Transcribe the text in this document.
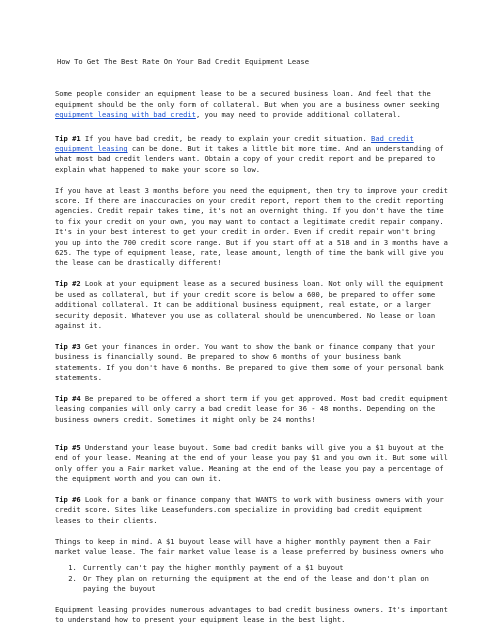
How To Get The Best Rate On Your Bad Credit Equipment Lease

Some people consider an equipment lease to be a secured business loan. And feel that the equipment should be the only form of collateral. But when you are a business owner seeking equipment leasing with bad credit, you may need to provide additional collateral.

Tip #1 If you have bad credit, be ready to explain your credit situation. Bad credit equipment leasing can be done. But it takes a little bit more time. And an understanding of what most bad credit lenders want. Obtain a copy of your credit report and be prepared to explain what happened to make your score so low.

If you have at least 3 months before you need the equipment, then try to improve your credit score. If there are inaccuracies on your credit report, report them to the credit reporting agencies. Credit repair takes time, it's not an overnight thing. If you don't have the time to fix your credit on your own, you may want to contact a legitimate credit repair company. It's in your best interest to get your credit in order. Even if credit repair won't bring you up into the 700 credit score range. But if you start off at a 518 and in 3 months have a 625. The type of equipment lease, rate, lease amount, length of time the bank will give you the lease can be drastically different!

Tip #2 Look at your equipment lease as a secured business loan. Not only will the equipment be used as collateral, but if your credit score is below a 600, be prepared to offer some additional collateral. It can be additional business equipment, real estate, or a larger security deposit. Whatever you use as collateral should be unencumbered. No lease or loan against it.

Tip #3 Get your finances in order. You want to show the bank or finance company that your business is financially sound. Be prepared to show 6 months of your business bank statements. If you don't have 6 months. Be prepared to give them some of your personal bank statements.

Tip #4 Be prepared to be offered a short term if you get approved. Most bad credit equipment leasing companies will only carry a bad credit lease for 36 - 48 months. Depending on the business owners credit. Sometimes it might only be 24 months!

Tip #5 Understand your lease buyout. Some bad credit banks will give you a $1 buyout at the end of your lease. Meaning at the end of your lease you pay $1 and you own it. But some will only offer you a Fair market value. Meaning at the end of the lease you pay a percentage of the equipment worth and you can own it.

Tip #6 Look for a bank or finance company that WANTS to work with business owners with your credit score. Sites like Leasefunders.com specialize in providing bad credit equipment leases to their clients.

Things to keep in mind. A $1 buyout lease will have a higher monthly payment then a Fair market value lease. The fair market value lease is a lease preferred by business owners who

1. Currently can't pay the higher monthly payment of a $1 buyout
2. Or They plan on returning the equipment at the end of the lease and don't plan on paying the buyout

Equipment leasing provides numerous advantages to bad credit business owners. It's important to understand how to present your equipment lease in the best light.
